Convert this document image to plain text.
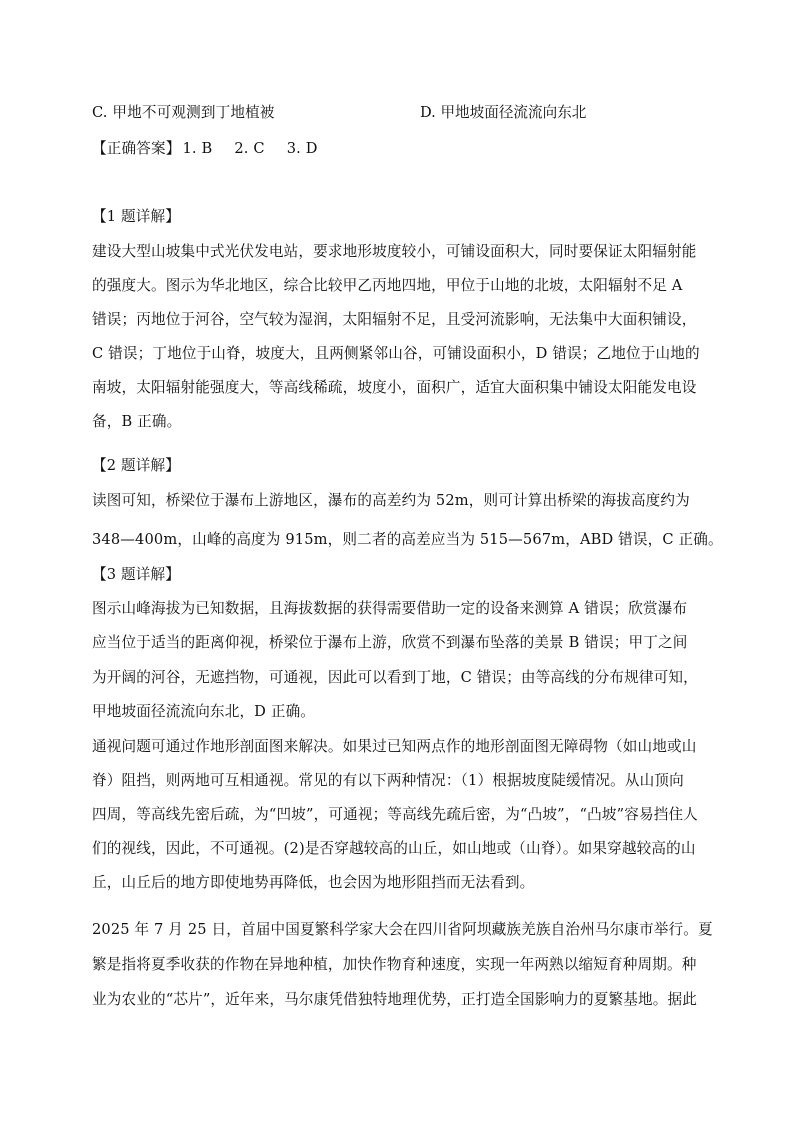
C. 甲地不可观测到丁地植被	D. 甲地坡面径流流向东北
【正确答案】 1. B 2. C 3. D
【1 题详解】
建设大型山坡集中式光伏发电站，要求地形坡度较小，可铺设面积大，同时要保证太阳辐射能
的强度大。图示为华北地区，综合比较甲乙丙地四地，甲位于山地的北坡，太阳辐射不足 A
错误；丙地位于河谷，空气较为湿润，太阳辐射不足，且受河流影响，无法集中大面积铺设，
C 错误；丁地位于山脊，坡度大，且两侧紧邻山谷，可铺设面积小，D 错误；乙地位于山地的
南坡，太阳辐射能强度大，等高线稀疏，坡度小，面积广，适宜大面积集中铺设太阳能发电设
备，B 正确。
【2 题详解】
读图可知，桥梁位于瀑布上游地区，瀑布的高差约为 52m，则可计算出桥梁的海拔高度约为
348—400m，山峰的高度为 915m，则二者的高差应当为 515—567m，ABD 错误，C 正确。
【3 题详解】
图示山峰海拔为已知数据，且海拔数据的获得需要借助一定的设备来测算 A 错误；欣赏瀑布
应当位于适当的距离仰视，桥梁位于瀑布上游，欣赏不到瀑布坠落的美景 B 错误；甲丁之间
为开阔的河谷，无遮挡物，可通视，因此可以看到丁地，C 错误；由等高线的分布规律可知，
甲地坡面径流流向东北，D 正确。
通视问题可通过作地形剖面图来解决。如果过已知两点作的地形剖面图无障碍物（如山地或山
脊）阻挡，则两地可互相通视。常见的有以下两种情况：（1）根据坡度陡缓情况。从山顶向
四周，等高线先密后疏，为“凹坡”，可通视；等高线先疏后密，为“凸坡”，“凸坡”容易挡住人
们的视线，因此，不可通视。(2)是否穿越较高的山丘，如山地或（山脊）。如果穿越较高的山
丘，山丘后的地方即使地势再降低，也会因为地形阻挡而无法看到。
2025 年 7 月 25 日，首届中国夏繁科学家大会在四川省阿坝藏族羌族自治州马尔康市举行。夏
繁是指将夏季收获的作物在异地种植，加快作物育种速度，实现一年两熟以缩短育种周期。种
业为农业的“芯片”，近年来，马尔康凭借独特地理优势，正打造全国影响力的夏繁基地。据此
